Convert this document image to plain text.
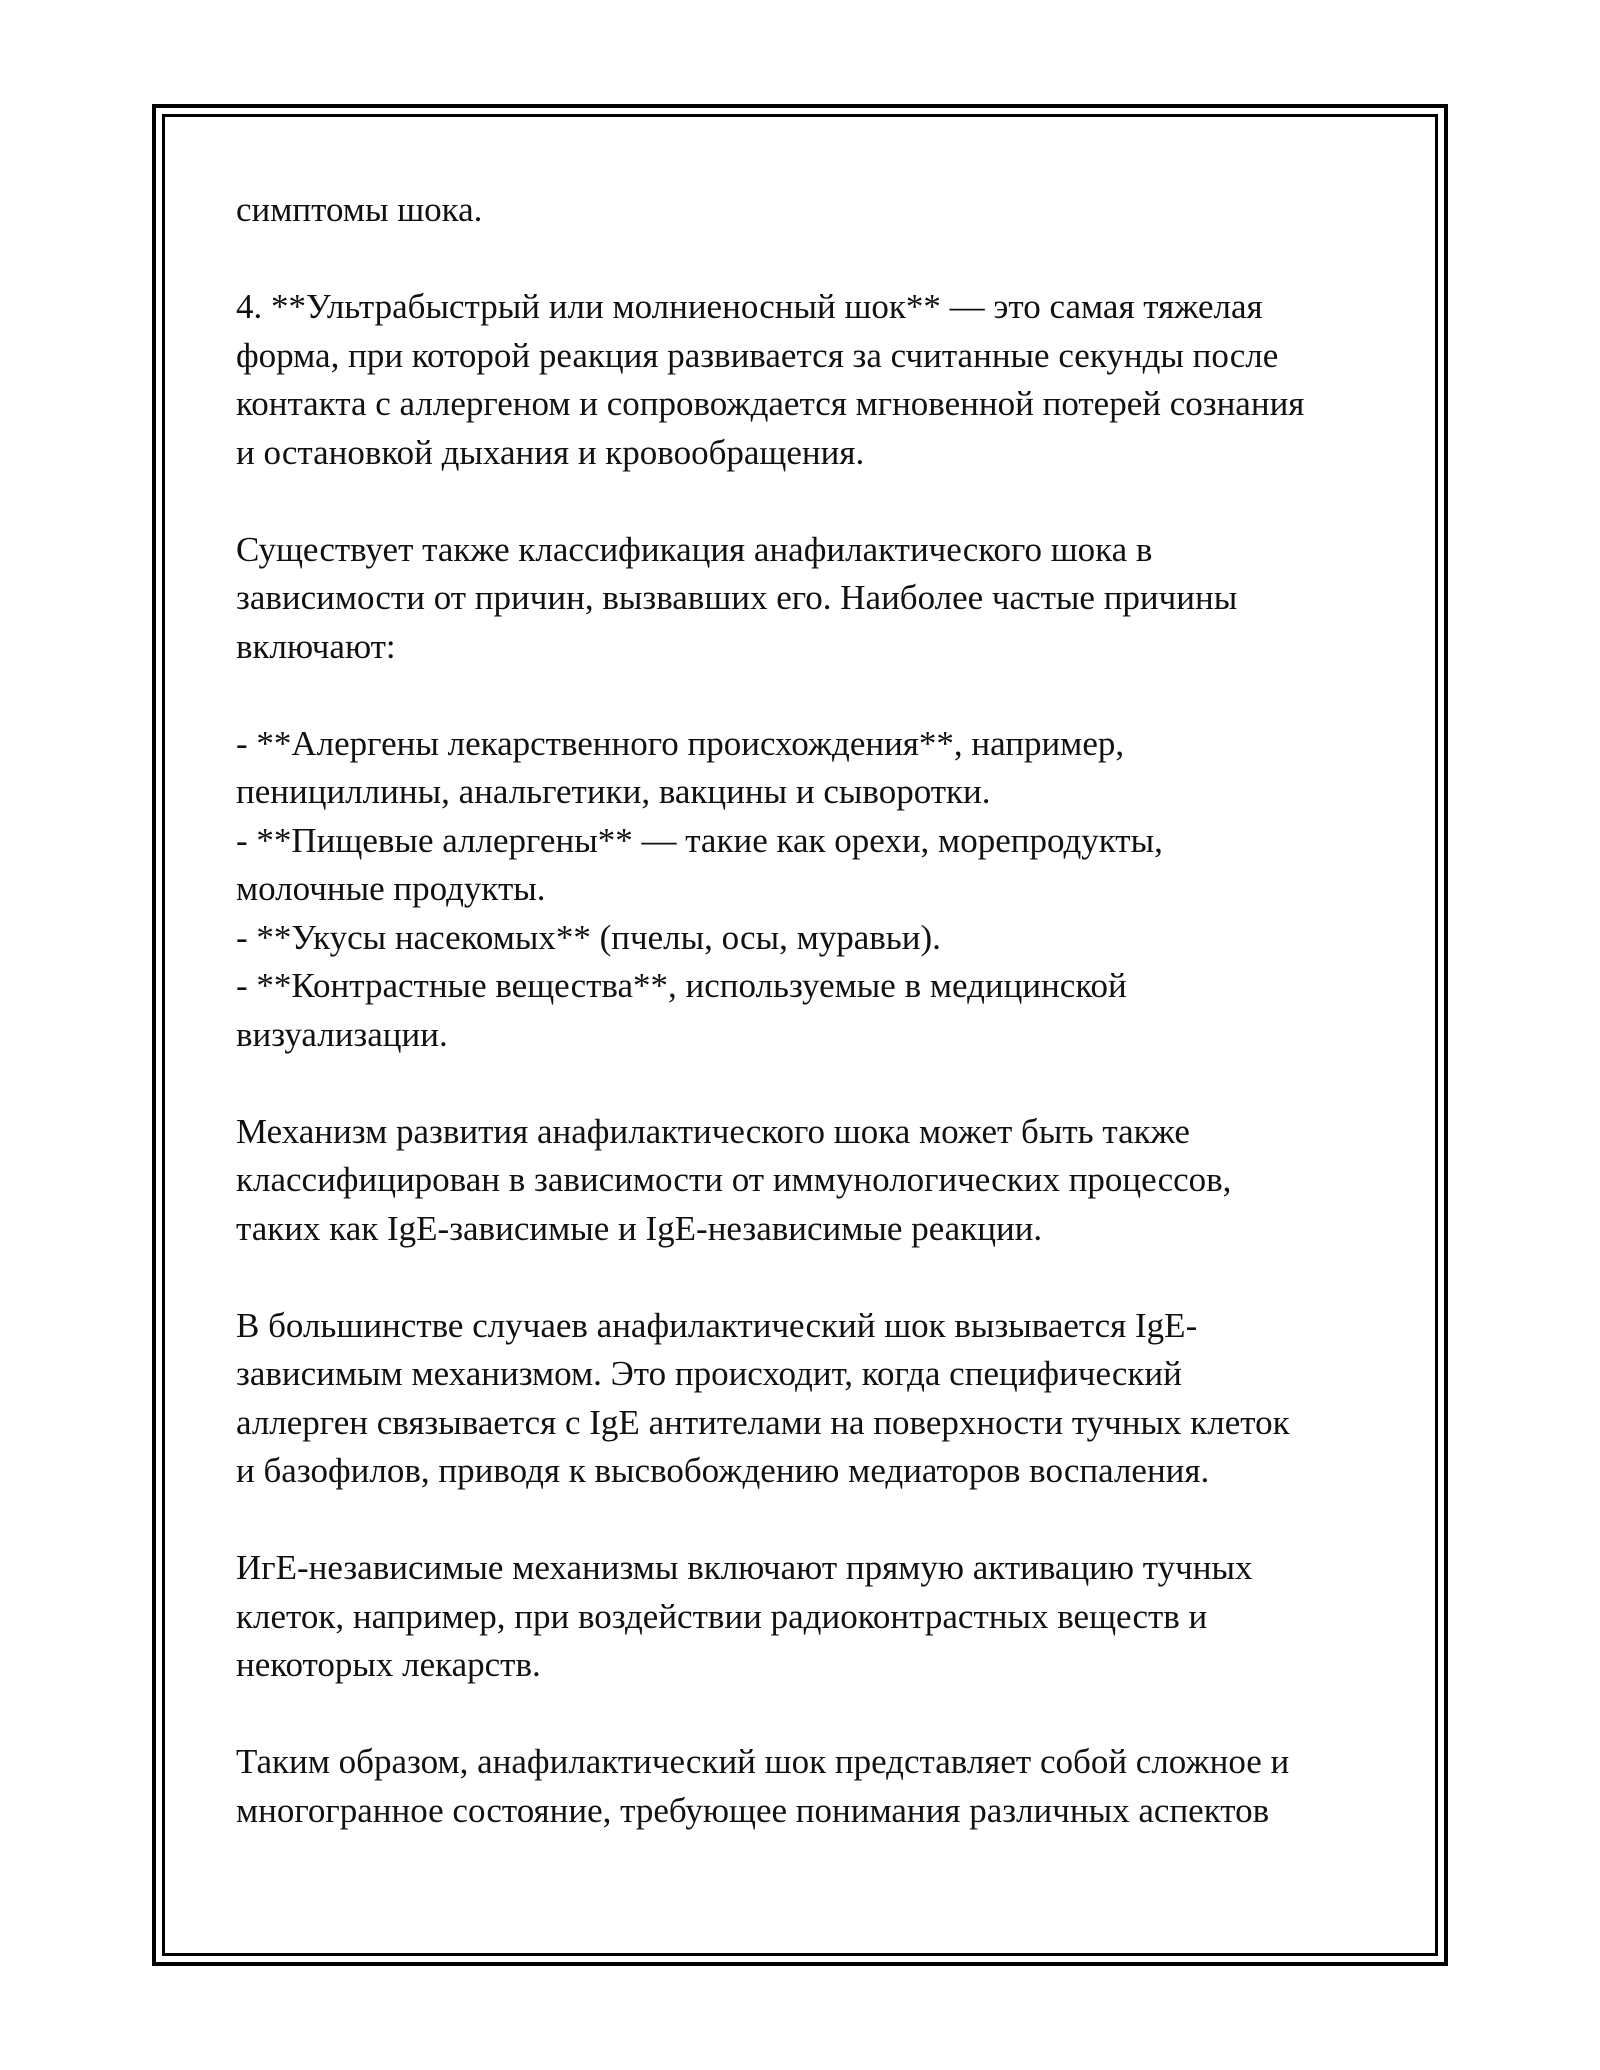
симптомы шока.

4. **Ультрабыстрый или молниеносный шок** — это самая тяжелая
форма, при которой реакция развивается за считанные секунды после
контакта с аллергеном и сопровождается мгновенной потерей сознания
и остановкой дыхания и кровообращения.

Существует также классификация анафилактического шока в
зависимости от причин, вызвавших его. Наиболее частые причины
включают:

- **Алергены лекарственного происхождения**, например,
пенициллины, анальгетики, вакцины и сыворотки.
- **Пищевые аллергены** — такие как орехи, морепродукты,
молочные продукты.
- **Укусы насекомых** (пчелы, осы, муравьи).
- **Контрастные вещества**, используемые в медицинской
визуализации.

Механизм развития анафилактического шока может быть также
классифицирован в зависимости от иммунологических процессов,
таких как IgE-зависимые и IgE-независимые реакции.

В большинстве случаев анафилактический шок вызывается IgE-
зависимым механизмом. Это происходит, когда специфический
аллерген связывается с IgE антителами на поверхности тучных клеток
и базофилов, приводя к высвобождению медиаторов воспаления.

ИгЕ-независимые механизмы включают прямую активацию тучных
клеток, например, при воздействии радиоконтрастных веществ и
некоторых лекарств.

Таким образом, анафилактический шок представляет собой сложное и
многогранное состояние, требующее понимания различных аспектов
